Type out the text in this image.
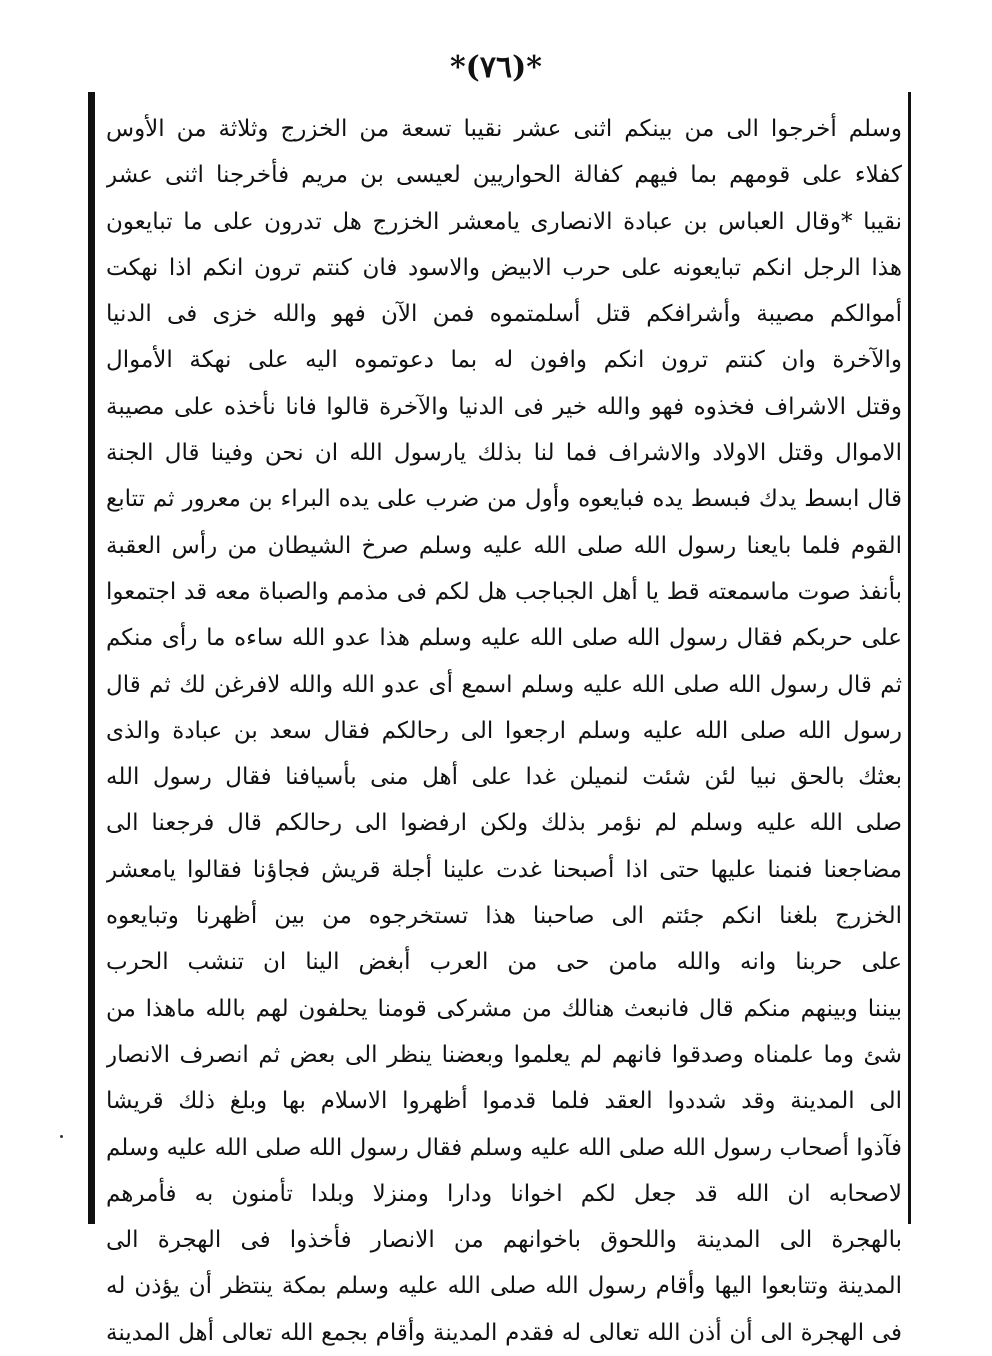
*(٧٦)*
وسلم أخرجوا الى من بينكم اثنى عشر نقيبا تسعة من الخزرج وثلاثة من الأوس
كفلاء على قومهم بما فيهم كفالة الحواريين لعيسى بن مريم فأخرجنا اثنى عشر
نقيبا *وقال العباس بن عبادة الانصارى يامعشر الخزرج هل تدرون على ما تبايعون
هذا الرجل انكم تبايعونه على حرب الابيض والاسود فان كنتم ترون انكم اذا نهكت
أموالكم مصيبة وأشرافكم قتل أسلمتموه فمن الآن فهو والله خزى فى الدنيا
والآخرة وان كنتم ترون انكم وافون له بما دعوتموه اليه على نهكة الأموال
وقتل الاشراف فخذوه فهو والله خير فى الدنيا والآخرة قالوا فانا نأخذه على مصيبة
الاموال وقتل الاولاد والاشراف فما لنا بذلك يارسول الله ان نحن وفينا قال الجنة
قال ابسط يدك فبسط يده فبايعوه وأول من ضرب على يده البراء بن معرور ثم تتابع
القوم فلما بايعنا رسول الله صلى الله عليه وسلم صرخ الشيطان من رأس العقبة
بأنفذ صوت ماسمعته قط يا أهل الجباجب هل لكم فى مذمم والصباة معه قد اجتمعوا
على حربكم فقال رسول الله صلى الله عليه وسلم هذا عدو الله ساءه ما رأى منكم
ثم قال رسول الله صلى الله عليه وسلم اسمع أى عدو الله والله لافرغن لك ثم قال
رسول الله صلى الله عليه وسلم ارجعوا الى رحالكم فقال سعد بن عبادة والذى
بعثك بالحق نبيا لئن شئت لنميلن غدا على أهل منى بأسيافنا فقال رسول الله
صلى الله عليه وسلم لم نؤمر بذلك ولكن ارفضوا الى رحالكم قال فرجعنا الى
مضاجعنا فنمنا عليها حتى اذا أصبحنا غدت علينا أجلة قريش فجاؤنا فقالوا يامعشر
الخزرج بلغنا انكم جئتم الى صاحبنا هذا تستخرجوه من بين أظهرنا وتبايعوه
على حربنا وانه والله مامن حى من العرب أبغض الينا ان تنشب الحرب
بيننا وبينهم منكم قال فانبعث هنالك من مشركى قومنا يحلفون لهم بالله ماهذا من
شئ وما علمناه وصدقوا فانهم لم يعلموا وبعضنا ينظر الى بعض ثم انصرف الانصار
الى المدينة وقد شددوا العقد فلما قدموا أظهروا الاسلام بها وبلغ ذلك قريشا
فآذوا أصحاب رسول الله صلى الله عليه وسلم فقال رسول الله صلى الله عليه وسلم
لاصحابه ان الله قد جعل لكم اخوانا ودارا ومنزلا وبلدا تأمنون به فأمرهم
بالهجرة الى المدينة واللحوق باخوانهم من الانصار فأخذوا فى الهجرة الى
المدينة وتتابعوا اليها وأقام رسول الله صلى الله عليه وسلم بمكة ينتظر أن يؤذن له
فى الهجرة الى أن أذن الله تعالى له فقدم المدينة وأقام بجمع الله تعالى أهل المدينة
